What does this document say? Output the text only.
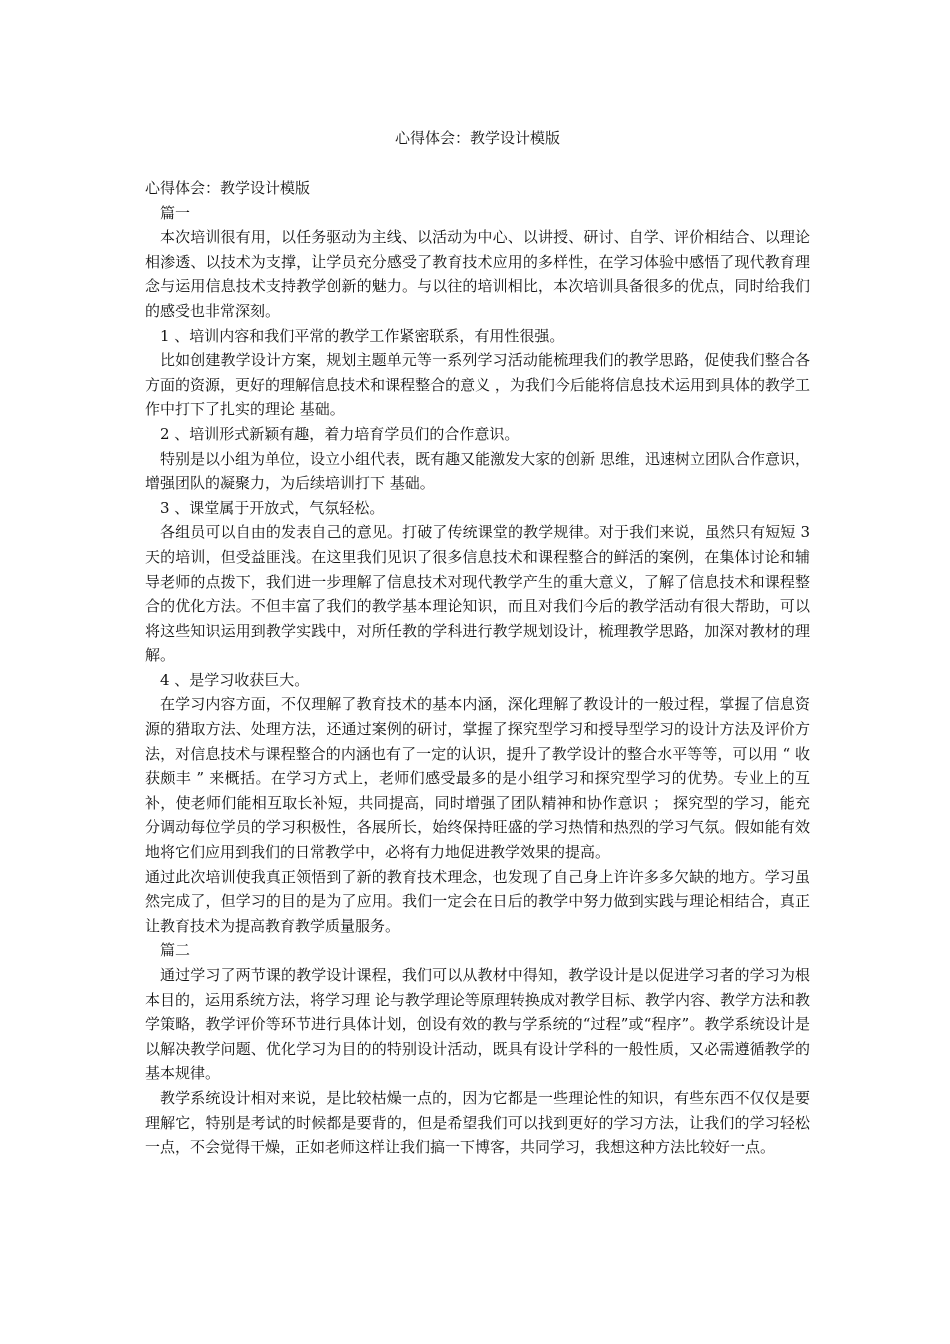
心得体会：教学设计模版

心得体会：教学设计模版

篇一

本次培训很有用，以任务驱动为主线、以活动为中心、以讲授、研讨、自学、评价相结合、以理论相渗透、以技术为支撑，让学员充分感受了教育技术应用的多样性，在学习体验中感悟了现代教育理念与运用信息技术支持教学创新的魅力。与以往的培训相比，本次培训具备很多的优点，同时给我们的感受也非常深刻。

1 、培训内容和我们平常的教学工作紧密联系，有用性很强。

比如创建教学设计方案，规划主题单元等一系列学习活动能梳理我们的教学思路，促使我们整合各方面的资源，更好的理解信息技术和课程整合的意义 ，为我们今后能将信息技术运用到具体的教学工作中打下了扎实的理论 基础。

2 、培训形式新颖有趣，着力培育学员们的合作意识。

特别是以小组为单位，设立小组代表，既有趣又能激发大家的创新 思维，迅速树立团队合作意识，增强团队的凝聚力，为后续培训打下 基础。

3 、课堂属于开放式，气氛轻松。

各组员可以自由的发表自己的意见。打破了传统课堂的教学规律。对于我们来说，虽然只有短短 3 天的培训，但受益匪浅。在这里我们见识了很多信息技术和课程整合的鲜活的案例，在集体讨论和辅导老师的点拨下，我们进一步理解了信息技术对现代教学产生的重大意义，了解了信息技术和课程整合的优化方法。不但丰富了我们的教学基本理论知识，而且对我们今后的教学活动有很大帮助，可以将这些知识运用到教学实践中，对所任教的学科进行教学规划设计，梳理教学思路，加深对教材的理解。

4 、是学习收获巨大。

在学习内容方面，不仅理解了教育技术的基本内涵，深化理解了教设计的一般过程，掌握了信息资源的猎取方法、处理方法，还通过案例的研讨，掌握了探究型学习和授导型学习的设计方法及评价方法，对信息技术与课程整合的内涵也有了一定的认识，提升了教学设计的整合水平等等，可以用 “ 收获颇丰 ” 来概括。在学习方式上，老师们感受最多的是小组学习和探究型学习的优势。专业上的互补，使老师们能相互取长补短，共同提高，同时增强了团队精神和协作意识 ； 探究型的学习，能充分调动每位学员的学习积极性，各展所长，始终保持旺盛的学习热情和热烈的学习气氛。假如能有效地将它们应用到我们的日常教学中，必将有力地促进教学效果的提高。

通过此次培训使我真正领悟到了新的教育技术理念，也发现了自己身上许许多多欠缺的地方。学习虽然完成了，但学习的目的是为了应用。我们一定会在日后的教学中努力做到实践与理论相结合，真正让教育技术为提高教育教学质量服务。

篇二

通过学习了两节课的教学设计课程，我们可以从教材中得知，教学设计是以促进学习者的学习为根本目的，运用系统方法，将学习理 论与教学理论等原理转换成对教学目标、教学内容、教学方法和教学策略，教学评价等环节进行具体计划，创设有效的教与学系统的“过程”或“程序”。教学系统设计是以解决教学问题、优化学习为目的的特别设计活动，既具有设计学科的一般性质，又必需遵循教学的基本规律。

教学系统设计相对来说，是比较枯燥一点的，因为它都是一些理论性的知识，有些东西不仅仅是要理解它，特别是考试的时候都是要背的，但是希望我们可以找到更好的学习方法，让我们的学习轻松一点，不会觉得干燥，正如老师这样让我们搞一下博客，共同学习，我想这种方法比较好一点。
